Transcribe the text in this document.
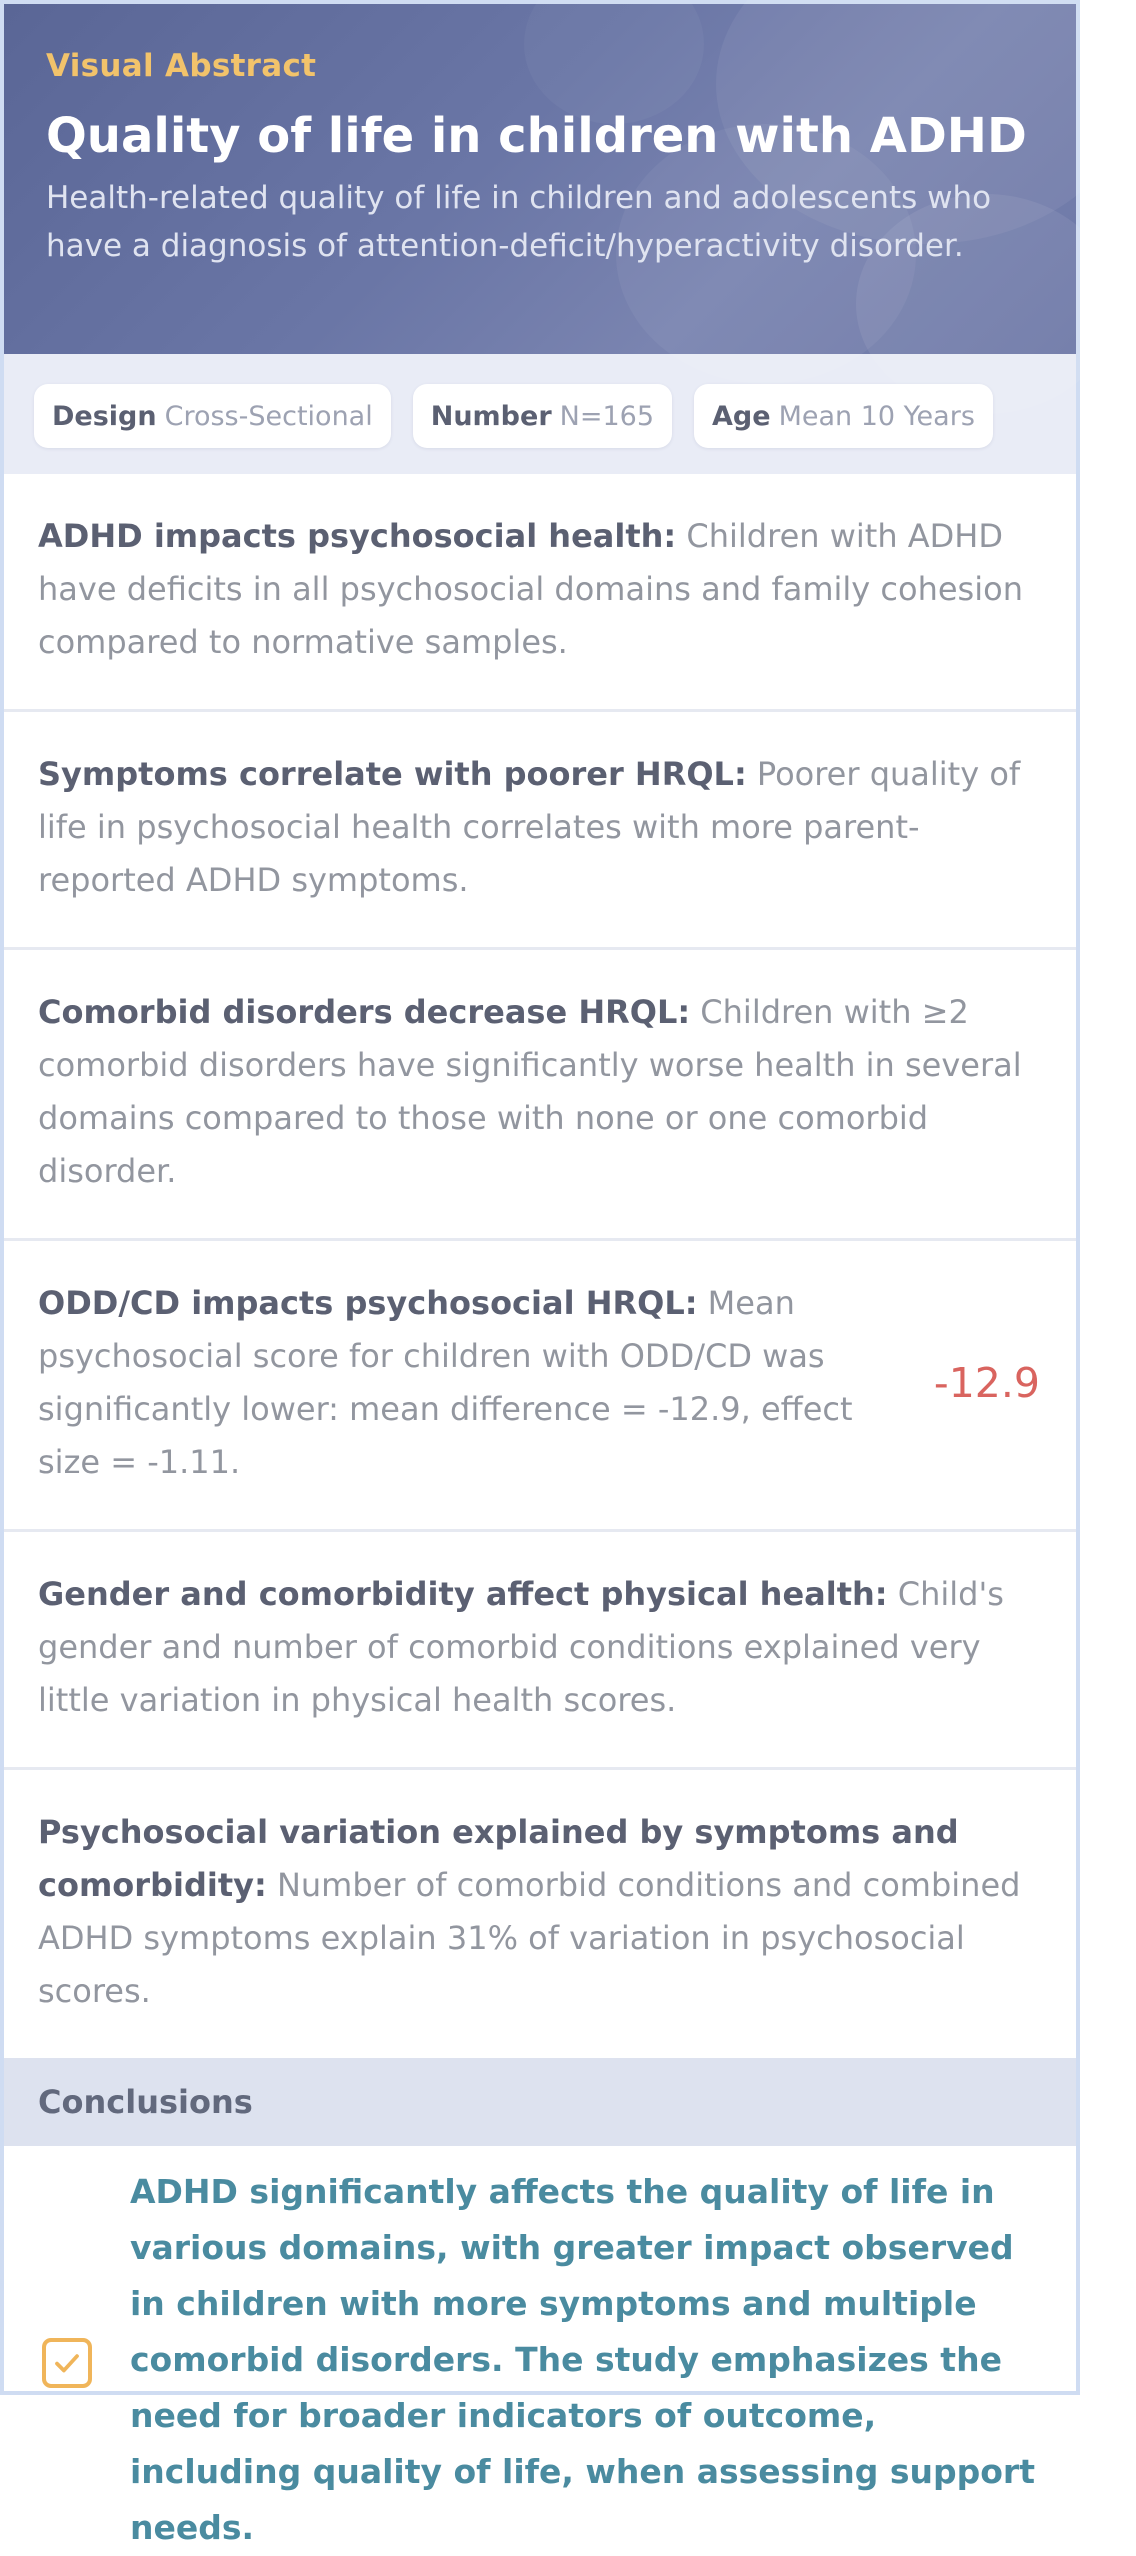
Visual Abstract
Quality of life in children with ADHD
Health-related quality of life in children and adolescents who have a diagnosis of attention-deficit/hyperactivity disorder.
Design Cross-Sectional Number N=165 Age Mean 10 Years
ADHD impacts psychosocial health: Children with ADHD have deficits in all psychosocial domains and family cohesion compared to normative samples.
Symptoms correlate with poorer HRQL: Poorer quality of life in psychosocial health correlates with more parent-reported ADHD symptoms.
Comorbid disorders decrease HRQL: Children with ≥2 comorbid disorders have significantly worse health in several domains compared to those with none or one comorbid disorder.
ODD/CD impacts psychosocial HRQL: Mean psychosocial score for children with ODD/CD was significantly lower: mean difference = -12.9, effect size = -1.11.
-12.9
Gender and comorbidity affect physical health: Child's gender and number of comorbid conditions explained very little variation in physical health scores.
Psychosocial variation explained by symptoms and comorbidity: Number of comorbid conditions and combined ADHD symptoms explain 31% of variation in psychosocial scores.
Conclusions
ADHD significantly affects the quality of life in various domains, with greater impact observed in children with more symptoms and multiple comorbid disorders. The study emphasizes the need for broader indicators of outcome, including quality of life, when assessing support needs.
